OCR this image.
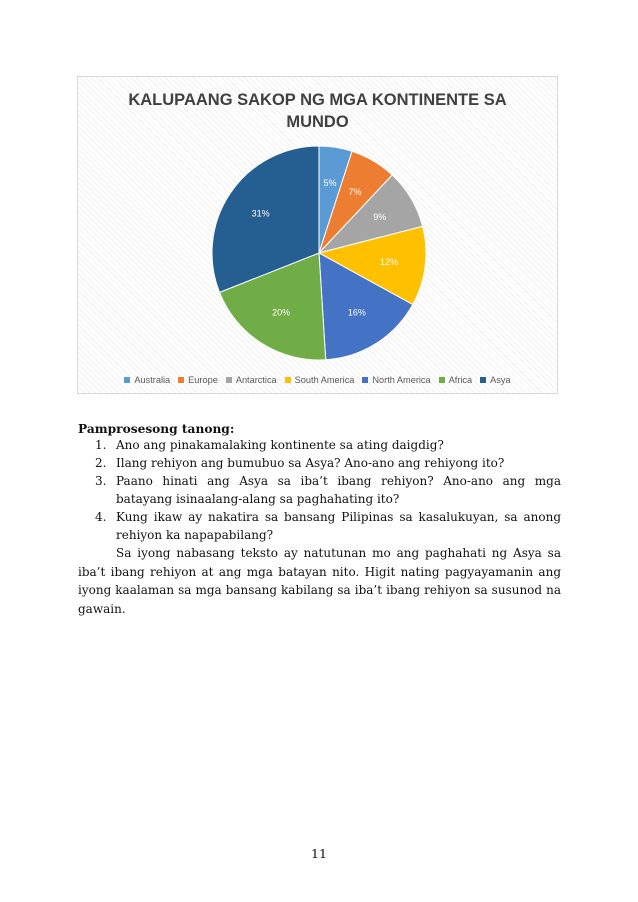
KALUPAANG SAKOP NG MGA KONTINENTE SA
MUNDO
5%
7%
9%
12%
16%
20%
31%
Australia Europe Antarctica South America North America Africa Asya
Pamprosesong tanong:
1. Ano ang pinakamalaking kontinente sa ating daigdig?
2. Ilang rehiyon ang bumubuo sa Asya? Ano-ano ang rehiyong ito?
3. Paano hinati ang Asya sa iba’t ibang rehiyon? Ano-ano ang mga batayang isinaalang-alang sa paghahating ito?
4. Kung ikaw ay nakatira sa bansang Pilipinas sa kasalukuyan, sa anong rehiyon ka napapabilang?

Sa iyong nabasang teksto ay natutunan mo ang paghahati ng Asya sa iba’t ibang rehiyon at ang mga batayan nito. Higit nating pagyayamanin ang iyong kaalaman sa mga bansang kabilang sa iba’t ibang rehiyon sa susunod na gawain.

11
